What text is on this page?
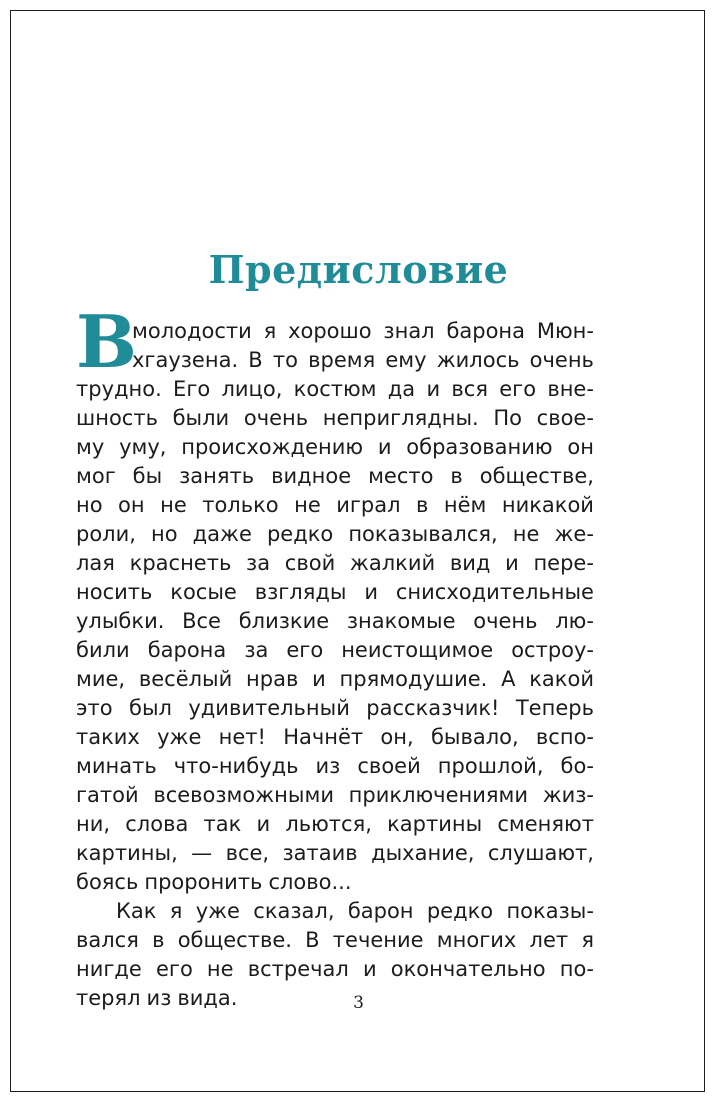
Предисловие
В
молодости я хорошо знал барона Мюн-
хгаузена. В то время ему жилось очень
трудно. Его лицо, костюм да и вся его вне-
шность были очень неприглядны. По свое-
му уму, происхождению и образованию он
мог бы занять видное место в обществе,
но он не только не играл в нём никакой
роли, но даже редко показывался, не же-
лая краснеть за свой жалкий вид и пере-
носить косые взгляды и снисходительные
улыбки. Все близкие знакомые очень лю-
били барона за его неистощимое остроу-
мие, весёлый нрав и прямодушие. А какой
это был удивительный рассказчик! Теперь
таких уже нет! Начнёт он, бывало, вспо-
минать что-нибудь из своей прошлой, бо-
гатой всевозможными приключениями жиз-
ни, слова так и льются, картины сменяют
картины, — все, затаив дыхание, слушают,
боясь проронить слово...
Как я уже сказал, барон редко показы-
вался в обществе. В течение многих лет я
нигде его не встречал и окончательно по-
терял из вида.	3
